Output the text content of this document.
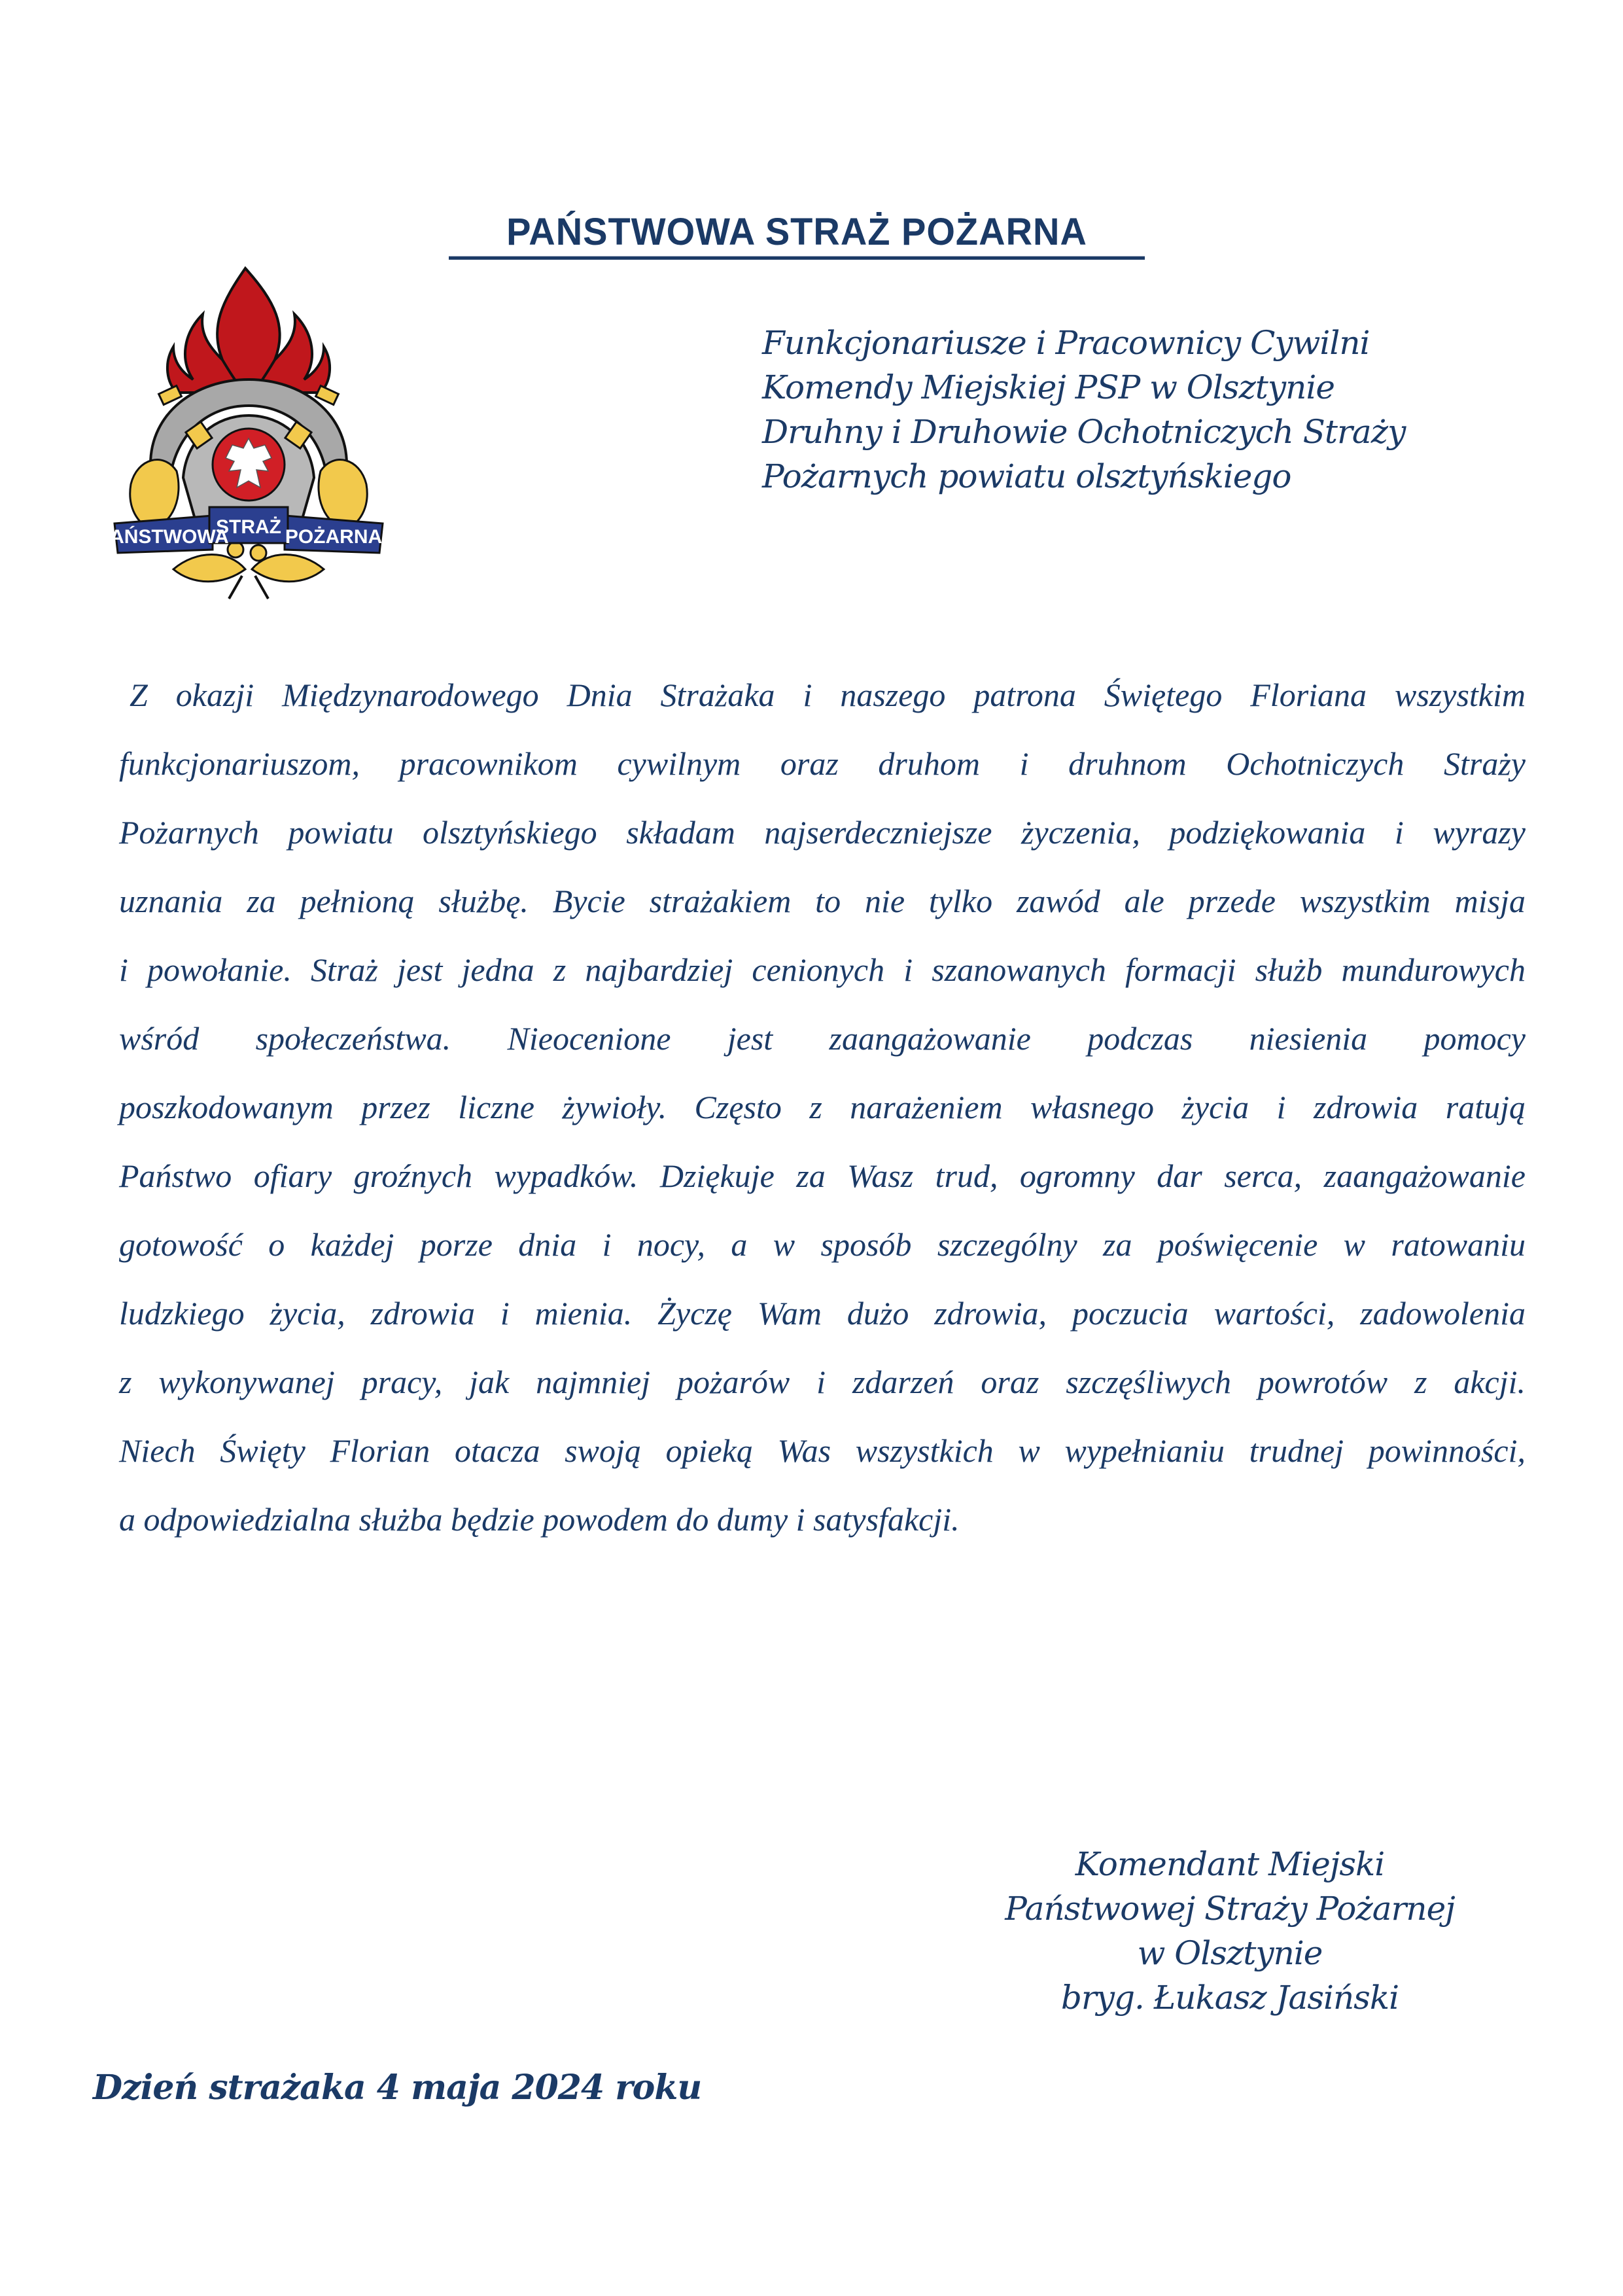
PAŃSTWOWA STRAŻ POŻARNA
PAŃSTWOWA
STRAŻ POŻARNA
Funkcjonariusze i Pracownicy Cywilni
Komendy Miejskiej PSP w Olsztynie
Druhny i Druhowie Ochotniczych Straży
Pożarnych powiatu olsztyńskiego
Z okazji Międzynarodowego Dnia Strażaka i naszego patrona Świętego Floriana wszystkim
funkcjonariuszom, pracownikom cywilnym oraz druhom i druhnom Ochotniczych Straży
Pożarnych powiatu olsztyńskiego składam najserdeczniejsze życzenia, podziękowania i wyrazy
uznania za pełnioną służbę. Bycie strażakiem to nie tylko zawód ale przede wszystkim misja
i powołanie. Straż jest jedna z najbardziej cenionych i szanowanych formacji służb mundurowych
wśród społeczeństwa. Nieocenione jest zaangażowanie podczas niesienia pomocy
poszkodowanym przez liczne żywioły. Często z narażeniem własnego życia i zdrowia ratują
Państwo ofiary groźnych wypadków. Dziękuje za Wasz trud, ogromny dar serca, zaangażowanie
gotowość o każdej porze dnia i nocy, a w sposób szczególny za poświęcenie w ratowaniu
ludzkiego życia, zdrowia i mienia. Życzę Wam dużo zdrowia, poczucia wartości, zadowolenia
z wykonywanej pracy, jak najmniej pożarów i zdarzeń oraz szczęśliwych powrotów z akcji.
Niech Święty Florian otacza swoją opieką Was wszystkich w wypełnianiu trudnej powinności,
a odpowiedzialna służba będzie powodem do dumy i satysfakcji.
Komendant Miejski
Państwowej Straży Pożarnej
w Olsztynie
bryg. Łukasz Jasiński
Dzień strażaka 4 maja 2024 roku
